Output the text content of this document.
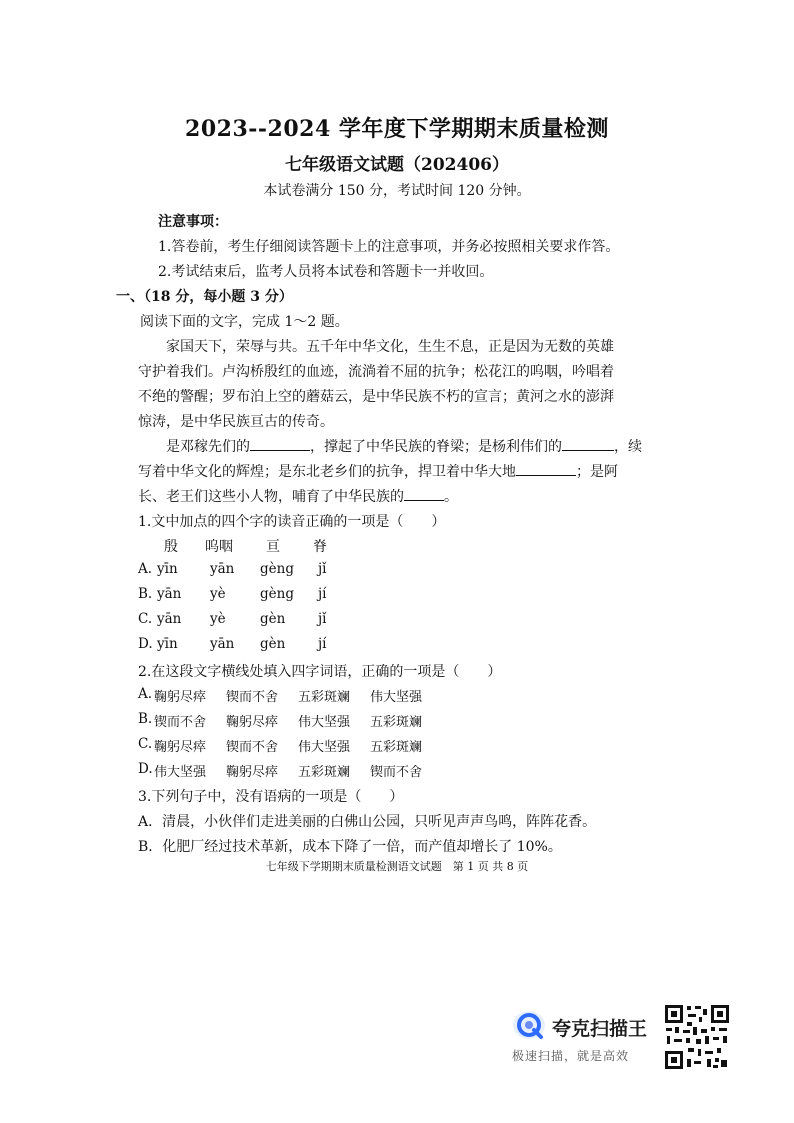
2023--2024 学年度下学期期末质量检测
七年级语文试题（202406）
本试卷满分 150 分，考试时间 120 分钟。
注意事项：
1.答卷前，考生仔细阅读答题卡上的注意事项，并务必按照相关要求作答。
2.考试结束后，监考人员将本试卷和答题卡一并收回。
一、（18 分，每小题 3 分）
阅读下面的文字，完成 1～2 题。
家国天下，荣辱与共。五千年中华文化，生生不息，正是因为无数的英雄
守护着我们。卢沟桥殷红的血迹，流淌着不屈的抗争；松花江的呜咽，吟唱着
不绝的警醒；罗布泊上空的蘑菇云，是中华民族不朽的宣言；黄河之水的澎湃
惊涛，是中华民族亘古的传奇。
是邓稼先们的	，撑起了中华民族的脊梁；是杨利伟们的	，续
写着中华文化的辉煌；是东北老乡们的抗争，捍卫着中华大地	；是阿
长、老王们这些小人物，哺育了中华民族的	。
1.文中加点的四个字的读音正确的一项是（　　）
殷 呜咽 亘 脊
A. yīn yān gèng jǐ
B. yān yè	gèng jí
C. yān yè	gèn jǐ
D. yīn yān gèn jí
2.在这段文字横线处填入四字词语，正确的一项是（　　）
A. 鞠躬尽瘁 锲而不舍 五彩斑斓 伟大坚强
B. 锲而不舍 鞠躬尽瘁 伟大坚强 五彩斑斓
C. 鞠躬尽瘁 锲而不舍 伟大坚强 五彩斑斓
D. 伟大坚强 鞠躬尽瘁 五彩斑斓 锲而不舍
3.下列句子中，没有语病的一项是（　　）
A．清晨，小伙伴们走进美丽的白佛山公园，只听见声声鸟鸣，阵阵花香。
B．化肥厂经过技术革新，成本下降了一倍，而产值却增长了 10%。
七年级下学期期末质量检测语文试题　第 1 页 共 8 页
夸克扫描王
极速扫描，就是高效
